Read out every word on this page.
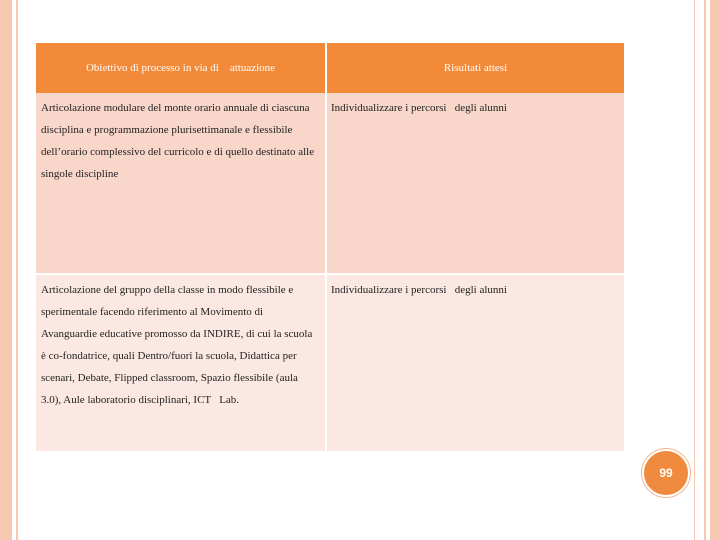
Obiettivo di processo in via di    attuazione	Risultati attesi
Articolazione modulare del monte orario annuale di ciascuna disciplina e programmazione plurisettimanale e flessibile dell’orario complessivo del curricolo e di quello destinato alle singole discipline	Individualizzare i percorsi   degli alunni
Articolazione del gruppo della classe in modo flessibile e sperimentale facendo riferimento al Movimento di Avanguardie educative promosso da INDIRE, di cui la scuola è co-fondatrice, quali Dentro/fuori la scuola, Didattica per scenari, Debate, Flipped classroom, Spazio flessibile (aula 3.0), Aule laboratorio disciplinari, ICT   Lab.	Individualizzare i percorsi   degli alunni
99
